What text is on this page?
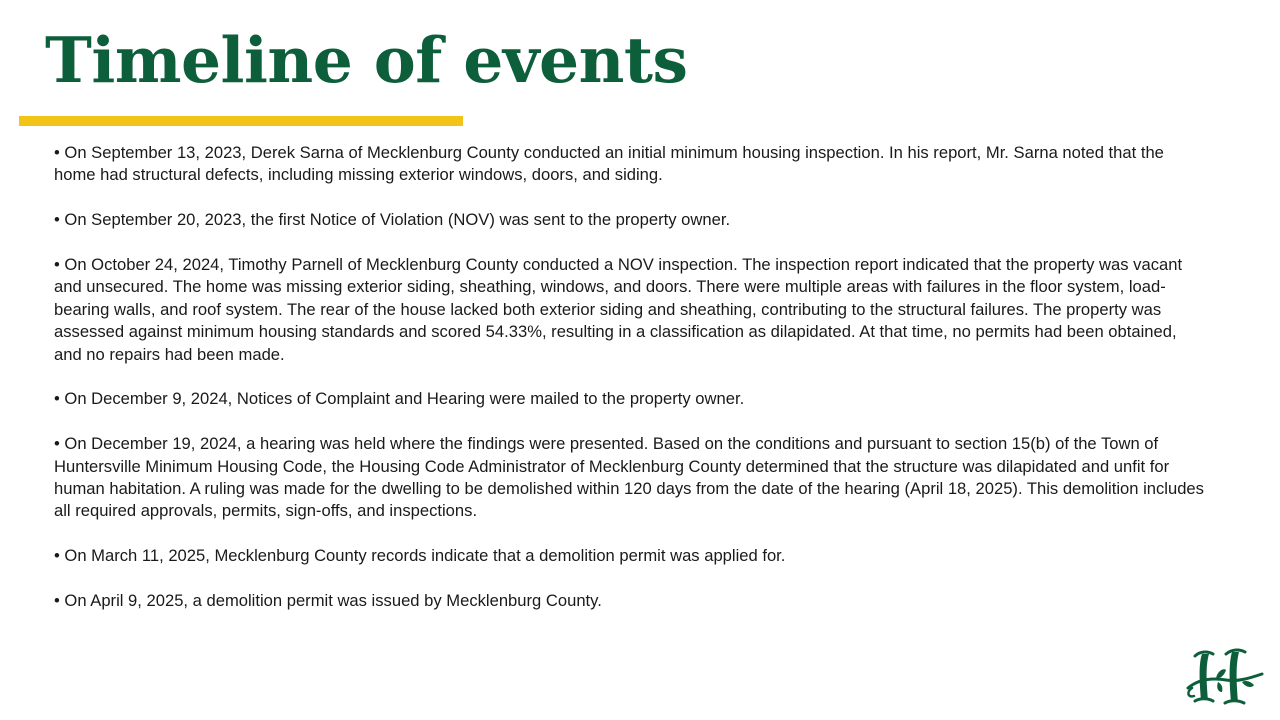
Timeline of events
• On September 13, 2023, Derek Sarna of Mecklenburg County conducted an initial minimum housing inspection. In his report, Mr. Sarna noted that the home had structural defects, including missing exterior windows, doors, and siding.
• On September 20, 2023, the first Notice of Violation (NOV) was sent to the property owner.
• On October 24, 2024, Timothy Parnell of Mecklenburg County conducted a NOV inspection. The inspection report indicated that the property was vacant and unsecured. The home was missing exterior siding, sheathing, windows, and doors. There were multiple areas with failures in the floor system, load-bearing walls, and roof system. The rear of the house lacked both exterior siding and sheathing, contributing to the structural failures. The property was assessed against minimum housing standards and scored 54.33%, resulting in a classification as dilapidated. At that time, no permits had been obtained, and no repairs had been made.
• On December 9, 2024, Notices of Complaint and Hearing were mailed to the property owner.
• On December 19, 2024, a hearing was held where the findings were presented. Based on the conditions and pursuant to section 15(b) of the Town of Huntersville Minimum Housing Code, the Housing Code Administrator of Mecklenburg County determined that the structure was dilapidated and unfit for human habitation. A ruling was made for the dwelling to be demolished within 120 days from the date of the hearing (April 18, 2025). This demolition includes all required approvals, permits, sign-offs, and inspections.
• On March 11, 2025, Mecklenburg County records indicate that a demolition permit was applied for.
• On April 9, 2025, a demolition permit was issued by Mecklenburg County.
